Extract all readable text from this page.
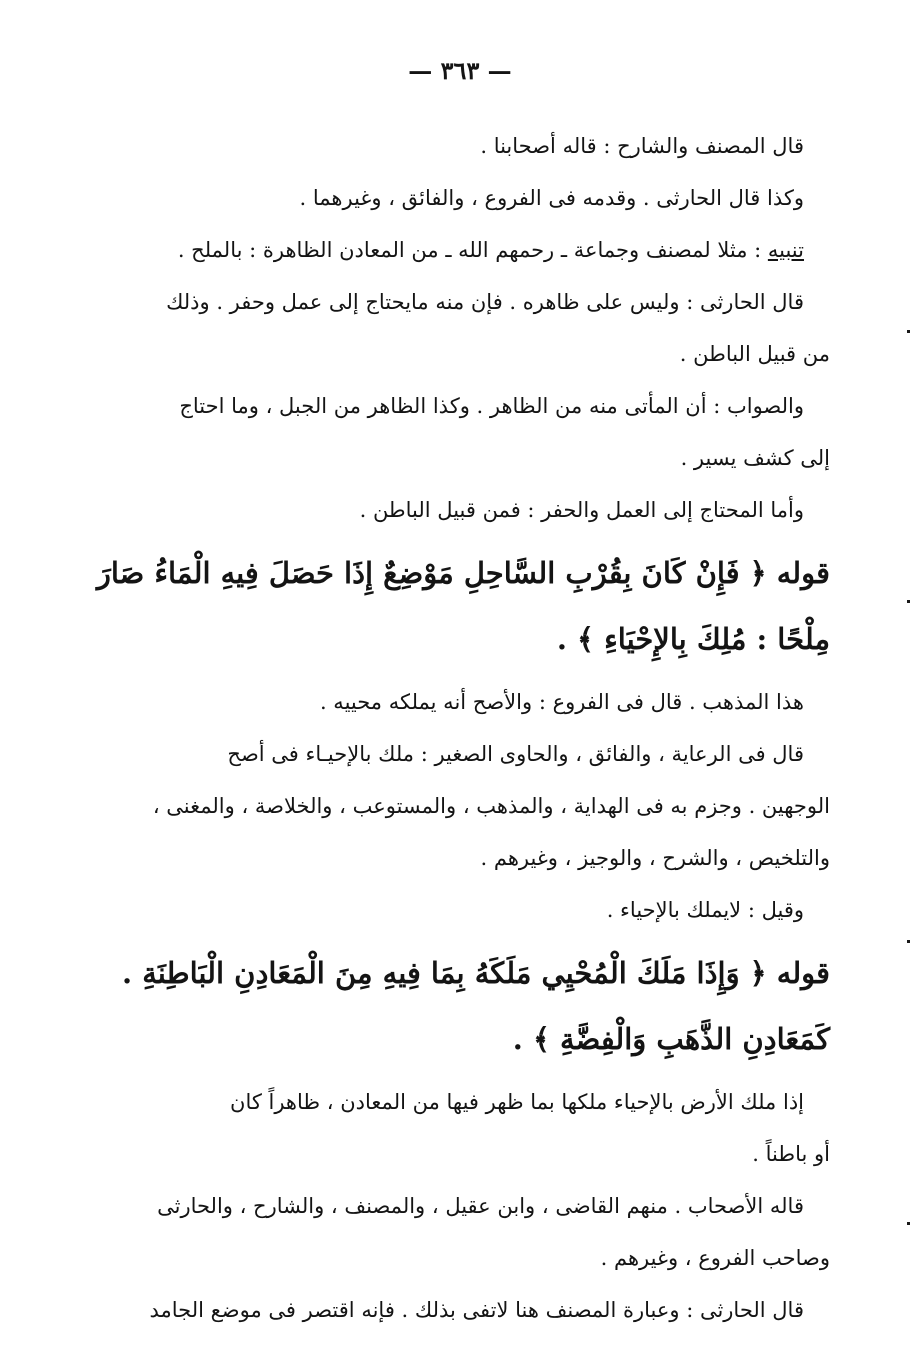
— ٣٦٣ —

قال المصنف والشارح : قاله أصحابنا .

وكذا قال الحارثى . وقدمه فى الفروع ، والفائق ، وغيرهما .

تنبيه : مثلا لمصنف وجماعة ـ رحمهم الله ـ من المعادن الظاهرة : بالملح .

قال الحارثى : وليس على ظاهره . فإن منه مايحتاج إلى عمل وحفر . وذلك

من قبيل الباطن .

والصواب : أن المأتى منه من الظاهر . وكذا الظاهر من الجبل ، وما احتاج

إلى كشف يسير .

وأما المحتاج إلى العمل والحفر : فمن قبيل الباطن .

قوله ﴿ فَإِنْ كَانَ بِقُرْبِ السَّاحِلِ مَوْضِعٌ إِذَا حَصَلَ فِيهِ الْمَاءُ صَارَ

مِلْحًا : مُلِكَ بِالإِحْيَاءِ ﴾ .

هذا المذهب . قال فى الفروع : والأصح أنه يملكه محييه .

قال فى الرعاية ، والفائق ، والحاوى الصغير : ملك بالإحيـاء فى أصح

الوجهين . وجزم به فى الهداية ، والمذهب ، والمستوعب ، والخلاصة ، والمغنى ،

والتلخيص ، والشرح ، والوجيز ، وغيرهم .

وقيل : لايملك بالإحياء .

قوله ﴿ وَإِذَا مَلَكَ الْمُحْيِي مَلَكَهُ بِمَا فِيهِ مِنَ الْمَعَادِنِ الْبَاطِنَةِ .

كَمَعَادِنِ الذَّهَبِ وَالْفِضَّةِ ﴾ .

إذا ملك الأرض بالإحياء ملكها بما ظهر فيها من المعادن ، ظاهراً كان

أو باطناً .

قاله الأصحاب . منهم القاضى ، وابن عقيل ، والمصنف ، والشارح ، والحارثى

وصاحب الفروع ، وغيرهم .

قال الحارثى : وعبارة المصنف هنا لاتفى بذلك . فإنه اقتصر فى موضع الجامد
